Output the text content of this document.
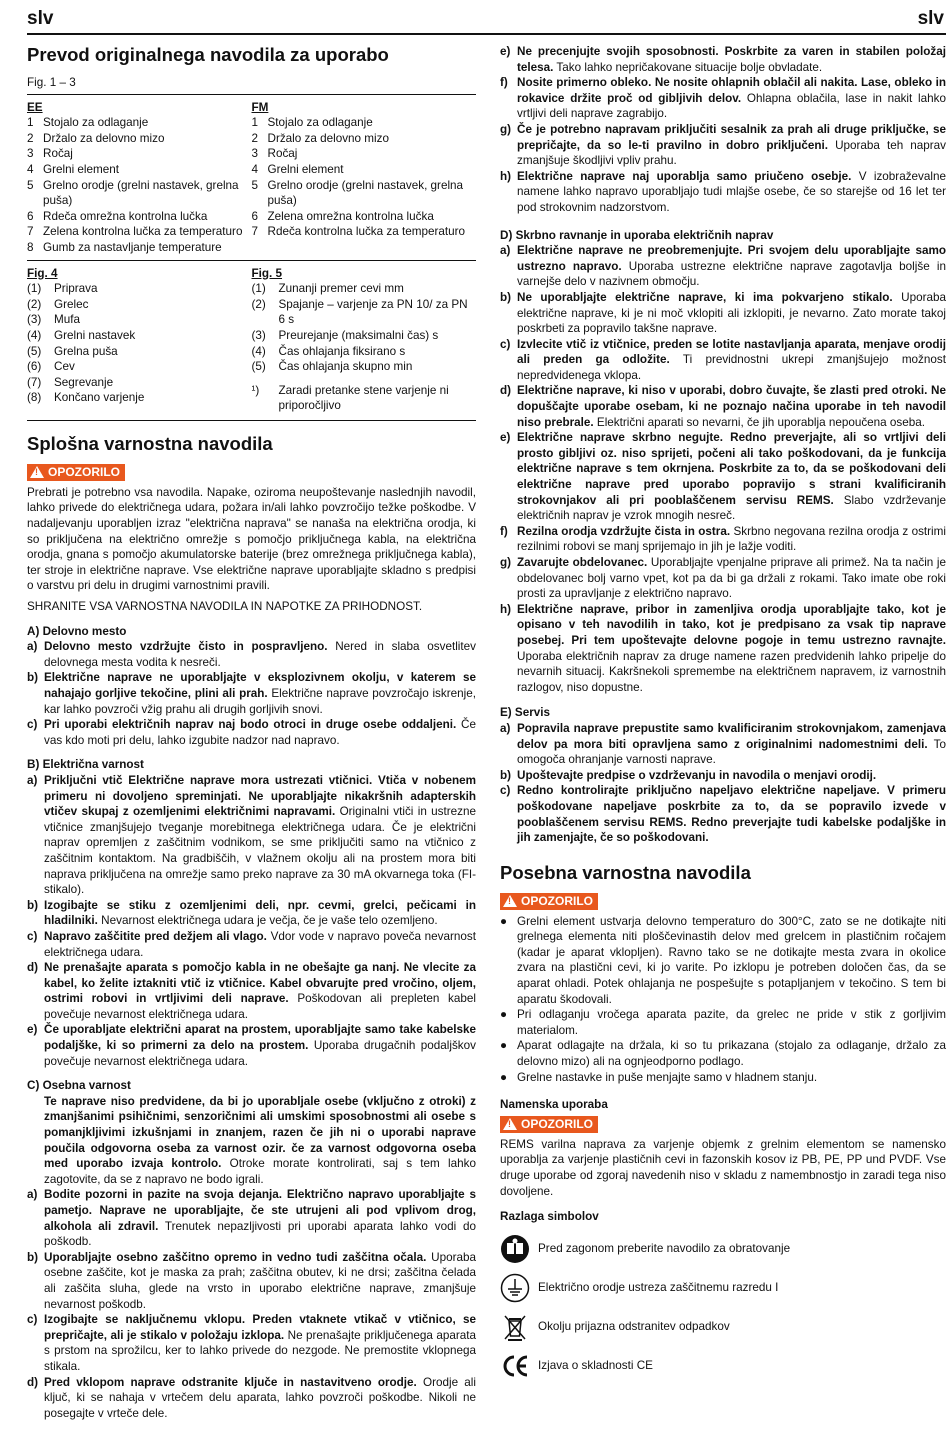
slv	slv
Prevod originalnega navodila za uporabo
Fig. 1 – 3
EE
1 Stojalo za odlaganje
2 Držalo za delovno mizo
3 Ročaj
4 Grelni element
5 Grelno orodje (grelni nastavek, grelna puša)
6 Rdeča omrežna kontrolna lučka
7 Zelena kontrolna lučka za temperaturo
8 Gumb za nastavljanje temperature
FM
1 Stojalo za odlaganje
2 Držalo za delovno mizo
3 Ročaj
4 Grelni element
5 Grelno orodje (grelni nastavek, grelna puša)
6 Zelena omrežna kontrolna lučka
7 Rdeča kontrolna lučka za temperaturo
Fig. 4
(1)	Priprava
(2)	Grelec
(3)	Mufa
(4)	Grelni nastavek
(5)	Grelna puša
(6)	Cev
(7)	Segrevanje
(8)	Končano varjenje
Fig. 5
(1)	Zunanji premer cevi mm
(2)	Spajanje – varjenje za PN 10/ za PN 6 s
(3)	Preurejanje (maksimalni čas) s
(4)	Čas ohlajanja fiksirano s
(5)	Čas ohlajanja skupno min
¹)	Zaradi pretanke stene varjenje ni priporočljivo
Splošna varnostna navodila
!
OPOZORILO

Prebrati je potrebno vsa navodila. Napake, oziroma neupoštevanje naslednjih navodil, lahko privede do električnega udara, požara in/ali lahko povzročijo težke poškodbe. V nadaljevanju uporabljen izraz "električna naprava" se nanaša na električna orodja, ki so priključena na električno omrežje s pomočjo priključnega kabla, na električna orodja, gnana s pomočjo akumulatorske baterije (brez omrežnega priključnega kabla), ter stroje in električne naprave. Vse električne naprave uporabljajte skladno s predpisi o varstvu pri delu in drugimi varnostnimi pravili.

SHRANITE VSA VARNOSTNA NAVODILA IN NAPOTKE ZA PRIHODNOST.

A) Delovno mesto
a) Delovno mesto vzdržujte čisto in pospravljeno. Nered in slaba osvetlitev delovnega mesta vodita k nesreči.
b) Električne naprave ne uporabljajte v eksplozivnem okolju, v katerem se nahajajo gorljive tekočine, plini ali prah. Električne naprave povzročajo iskrenje, kar lahko povzroči vžig prahu ali drugih gorljivih snovi.
c) Pri uporabi električnih naprav naj bodo otroci in druge osebe oddaljeni. Če vas kdo moti pri delu, lahko izgubite nadzor nad napravo.
B) Električna varnost
a) Priključni vtič Električne naprave mora ustrezati vtičnici. Vtiča v nobenem primeru ni dovoljeno spreminjati. Ne uporabljajte nikakršnih adapterskih vtičev skupaj z ozemljenimi električnimi napravami. Originalni vtiči in ustrezne vtičnice zmanjšujejo tveganje morebitnega električnega udara. Če je električni naprav opremljen z zaščitnim vodnikom, se sme priključiti samo na vtičnico z zaščitnim kontaktom. Na gradbiščih, v vlažnem okolju ali na prostem mora biti naprava priključena na omrežje samo preko naprave za 30 mA okvarnega toka (FI-stikalo).
b) Izogibajte se stiku z ozemljenimi deli, npr. cevmi, grelci, pečicami in hladilniki. Nevarnost električnega udara je večja, če je vaše telo ozemljeno.
c) Napravo zaščitite pred dežjem ali vlago. Vdor vode v napravo poveča nevarnost električnega udara.
d) Ne prenašajte aparata s pomočjo kabla in ne obešajte ga nanj. Ne vlecite za kabel, ko želite iztakniti vtič iz vtičnice. Kabel obvarujte pred vročino, oljem, ostrimi robovi in vrtljivimi deli naprave. Poškodovan ali prepleten kabel povečuje nevarnost električnega udara.
e) Če uporabljate električni aparat na prostem, uporabljajte samo take kabelske podaljške, ki so primerni za delo na prostem. Uporaba drugačnih podaljškov povečuje nevarnost električnega udara.
C) Osebna varnost
Te naprave niso predvidene, da bi jo uporabljale osebe (vključno z otroki) z zmanjšanimi psihičnimi, senzoričnimi ali umskimi sposobnostmi ali osebe s pomanjkljivimi izkušnjami in znanjem, razen če jih ni o uporabi naprave poučila odgovorna oseba za varnost ozir. če za varnost odgovorna oseba med uporabo izvaja kontrolo. Otroke morate kontrolirati, saj s tem lahko zagotovite, da se z napravo ne bodo igrali.
a) Bodite pozorni in pazite na svoja dejanja. Električno napravo uporabljajte s pametjo. Naprave ne uporabljajte, če ste utrujeni ali pod vplivom drog, alkohola ali zdravil. Trenutek nepazljivosti pri uporabi aparata lahko vodi do poškodb.
b) Uporabljajte osebno zaščitno opremo in vedno tudi zaščitna očala. Uporaba osebne zaščite, kot je maska za prah; zaščitna obutev, ki ne drsi; zaščitna čelada ali zaščita sluha, glede na vrsto in uporabo električne naprave, zmanjšuje nevarnost poškodb.
c) Izogibajte se naključnemu vklopu. Preden vtaknete vtikač v vtičnico, se prepričajte, ali je stikalo v položaju izklopa. Ne prenašajte priključenega aparata s prstom na sprožilcu, ker to lahko privede do nezgode. Ne premostite vklopnega stikala.
d) Pred vklopom naprave odstranite ključe in nastavitveno orodje. Orodje ali ključ, ki se nahaja v vrtečem delu aparata, lahko povzroči poškodbe. Nikoli ne posegajte v vrteče dele.
e) Ne precenjujte svojih sposobnosti. Poskrbite za varen in stabilen položaj telesa. Tako lahko nepričakovane situacije bolje obvladate.
f) Nosite primerno obleko. Ne nosite ohlapnih oblačil ali nakita. Lase, obleko in rokavice držite proč od gibljivih delov. Ohlapna oblačila, lase in nakit lahko vrtljivi deli naprave zagrabijo.
g) Če je potrebno napravam priključiti sesalnik za prah ali druge priključke, se prepričajte, da so le-ti pravilno in dobro priključeni. Uporaba teh naprav zmanjšuje škodljivi vpliv prahu.
h) Električne naprave naj uporablja samo priučeno osebje. V izobraževalne namene lahko napravo uporabljajo tudi mlajše osebe, če so starejše od 16 let ter pod strokovnim nadzorstvom.
D) Skrbno ravnanje in uporaba električnih naprav
a) Električne naprave ne preobremenjujte. Pri svojem delu uporabljajte samo ustrezno napravo. Uporaba ustrezne električne naprave zagotavlja boljše in varnejše delo v nazivnem območju.
b) Ne uporabljajte električne naprave, ki ima pokvarjeno stikalo. Uporaba električne naprave, ki je ni moč vklopiti ali izklopiti, je nevarno. Zato morate takoj poskrbeti za popravilo takšne naprave.
c) Izvlecite vtič iz vtičnice, preden se lotite nastavljanja aparata, menjave orodij ali preden ga odložite. Ti previdnostni ukrepi zmanjšujejo možnost nepredvidenega vklopa.
d) Električne naprave, ki niso v uporabi, dobro čuvajte, še zlasti pred otroki. Ne dopuščajte uporabe osebam, ki ne poznajo načina uporabe in teh navodil niso prebrale. Električni aparati so nevarni, če jih uporablja nepoučena oseba.
e) Električne naprave skrbno negujte. Redno preverjajte, ali so vrtljivi deli prosto gibljivi oz. niso sprijeti, počeni ali tako poškodovani, da je funkcija električne naprave s tem okrnjena. Poskrbite za to, da se poškodovani deli električne naprave pred uporabo popravijo s strani kvalificiranih strokovnjakov ali pri pooblaščenem servisu REMS. Slabo vzdrževanje električnih naprav je vzrok mnogih nesreč.
f) Rezilna orodja vzdržujte čista in ostra. Skrbno negovana rezilna orodja z ostrimi rezilnimi robovi se manj sprijemajo in jih je lažje voditi.
g) Zavarujte obdelovanec. Uporabljajte vpenjalne priprave ali primež. Na ta način je obdelovanec bolj varno vpet, kot pa da bi ga držali z rokami. Tako imate obe roki prosti za upravljanje z električno napravo.
h) Električne naprave, pribor in zamenljiva orodja uporabljajte tako, kot je opisano v teh navodilih in tako, kot je predpisano za vsak tip naprave posebej. Pri tem upoštevajte delovne pogoje in temu ustrezno ravnajte. Uporaba električnih naprav za druge namene razen predvidenih lahko pripelje do nevarnih situacij. Kakršnekoli spremembe na električnem napravem, iz varnostnih razlogov, niso dopustne.
E) Servis
a) Popravila naprave prepustite samo kvalificiranim strokovnjakom, zamenjava delov pa mora biti opravljena samo z originalnimi nadomestnimi deli. To omogoča ohranjanje varnosti naprave.
b) Upoštevajte predpise o vzdrževanju in navodila o menjavi orodij.
c) Redno kontrolirajte priključno napeljavo električne napeljave. V primeru poškodovane napeljave poskrbite za to, da se popravilo izvede v pooblaščenem servisu REMS. Redno preverjajte tudi kabelske podaljške in jih zamenjajte, če so poškodovani.
Posebna varnostna navodila
!
OPOZORILO
● Grelni element ustvarja delovno temperaturo do 300°C, zato se ne dotikajte niti grelnega elementa niti ploščevinastih delov med grelcem in plastičnim ročajem (kadar je aparat vklopljen). Ravno tako se ne dotikajte mesta zvara in okolice zvara na plastični cevi, ki jo varite. Po izklopu je potreben določen čas, da se aparat ohladi. Potek ohlajanja ne pospešujte s potapljanjem v tekočino. S tem bi aparatu škodovali.
● Pri odlaganju vročega aparata pazite, da grelec ne pride v stik z gorljivim materialom.
● Aparat odlagajte na držala, ki so tu prikazana (stojalo za odlaganje, držalo za delovno mizo) ali na ognjeodporno podlago.
● Grelne nastavke in puše menjajte samo v hladnem stanju.
Namenska uporaba
!
OPOZORILO

REMS varilna naprava za varjenje objemk z grelnim elementom se namensko uporablja za varjenje plastičnih cevi in fazonskih kosov iz PB, PE, PP und PVDF. Vse druge uporabe od zgoraj navedenih niso v skladu z namembnostjo in zaradi tega niso dovoljene.

Razlaga simbolov
Pred zagonom preberite navodilo za obratovanje
Električno orodje ustreza zaščitnemu razredu I
Okolju prijazna odstranitev odpadkov
Izjava o skladnosti CE
